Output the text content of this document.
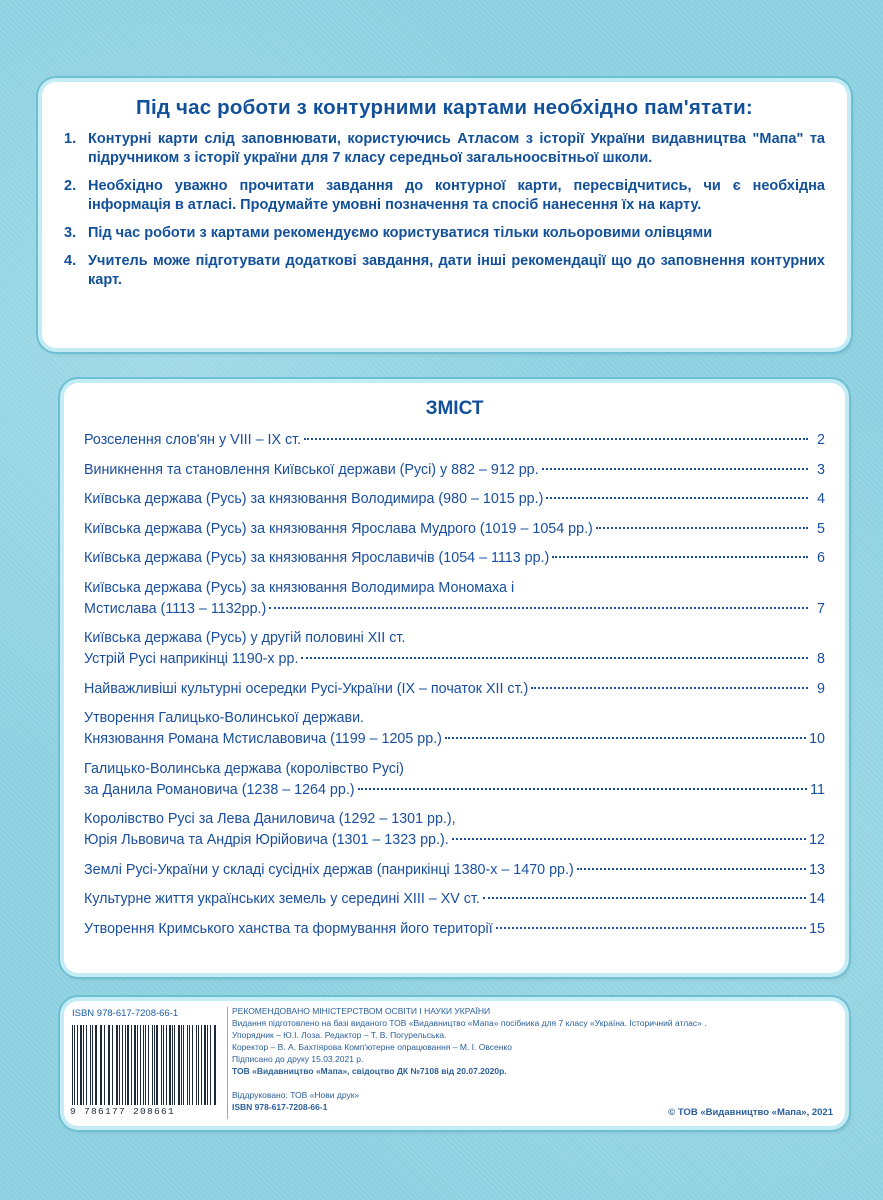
Під час роботи з контурними картами необхідно пам'ятати:
1. Контурні карти слід заповнювати, користуючись Атласом з історії України видавництва "Мапа" та підручником з історії україни для 7 класу середньої загальноосвітньої школи.
2. Необхідно уважно прочитати завдання до контурної карти, пересвідчитись, чи є необхідна інформація в атласі. Продумайте умовні позначення та спосіб нанесення їх на карту.
3. Під час роботи з картами рекомендуємо користуватися тільки кольоровими олівцями
4. Учитель може підготувати додаткові завдання, дати інші рекомендації що до заповнення контурних карт.
ЗМІСТ
Розселення слов'ян у VIII – IX ст.	2
Виникнення та становлення Київської держави (Русі) у 882 – 912 рр.	3
Київська держава (Русь) за князювання Володимира (980 – 1015 рр.)	4
Київська держава (Русь) за князювання Ярослава Мудрого (1019 – 1054 рр.)	5
Київська держава (Русь) за князювання Ярославичів (1054 – 1113 рр.)	6
Київська держава (Русь) за князювання Володимира Мономаха і
Мстислава (1113 – 1132рр.)	7
Київська держава (Русь) у другій половині XII ст.
Устрій Русі наприкінці 1190-х рр.	8
Найважливіші культурні осередки Русі-України (IX – початок XII ст.)	9
Утворення Галицько-Волинської держави.
Князювання Романа Мстиславовича (1199 – 1205 рр.)	10
Галицько-Волинська держава (королівство Русі)
за Данила Романовича (1238 – 1264 рр.)	11
Королівство Русі за Лева Даниловича (1292 – 1301 рр.),
Юрія Львовича та Андрія Юрійовича (1301 – 1323 рр.).	12
Землі Русі-України у складі сусідніх держав (панрикінці 1380-х – 1470 рр.)	13
Культурне життя українських земель у середині XIII – XV ст.	14
Утворення Кримського ханства та формування його території	15
ISBN 978-617-7208-66-1
9 786177 208661
РЕКОМЕНДОВАНО МІНІСТЕРСТВОМ ОСВІТИ І НАУКИ УКРАЇНИ
Видання підготовлено на базі виданого ТОВ «Видавництво «Мапа» посібника для 7 класу «Україна. Історичний атлас» .
Упорядник – Ю.І. Лоза. Редактор – Т. В. Погурельська.
Коректор – В. А. Бахтіярова Комп'ютерне опрацювання – М. І. Овсенко
Підписано до друку 15.03.2021 р.
ТОВ «Видавництво «Мапа», свідоцтво ДК №7108 від 20.07.2020р.

Віддруковано: ТОВ «Нови друк»
ISBN 978-617-7208-66-1	© ТОВ «Видавництво «Мапа», 2021
